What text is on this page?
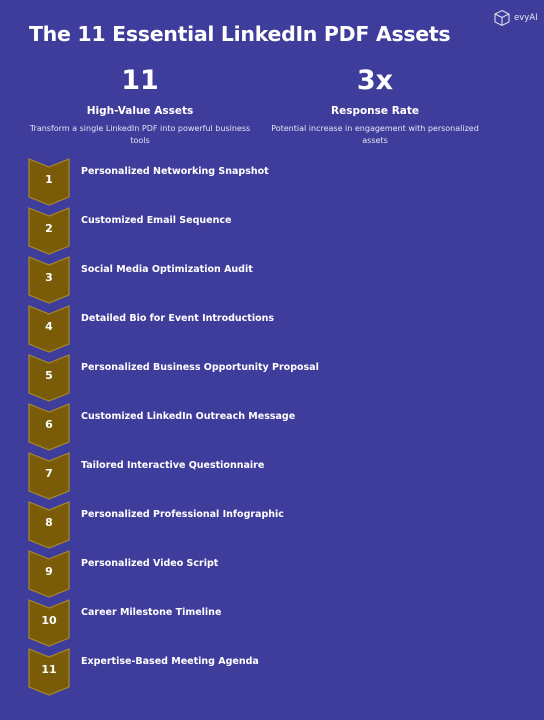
The 11 Essential LinkedIn PDF Assets
evyAI
11
High-Value Assets
Transform a single LinkedIn PDF into powerful business tools
3x
Response Rate
Potential increase in engagement with personalized assets
1
Personalized Networking Snapshot
2
Customized Email Sequence
3
Social Media Optimization Audit
4
Detailed Bio for Event Introductions
5
Personalized Business Opportunity Proposal
6
Customized LinkedIn Outreach Message
7
Tailored Interactive Questionnaire
8
Personalized Professional Infographic
9
Personalized Video Script
10
Career Milestone Timeline
11
Expertise-Based Meeting Agenda
